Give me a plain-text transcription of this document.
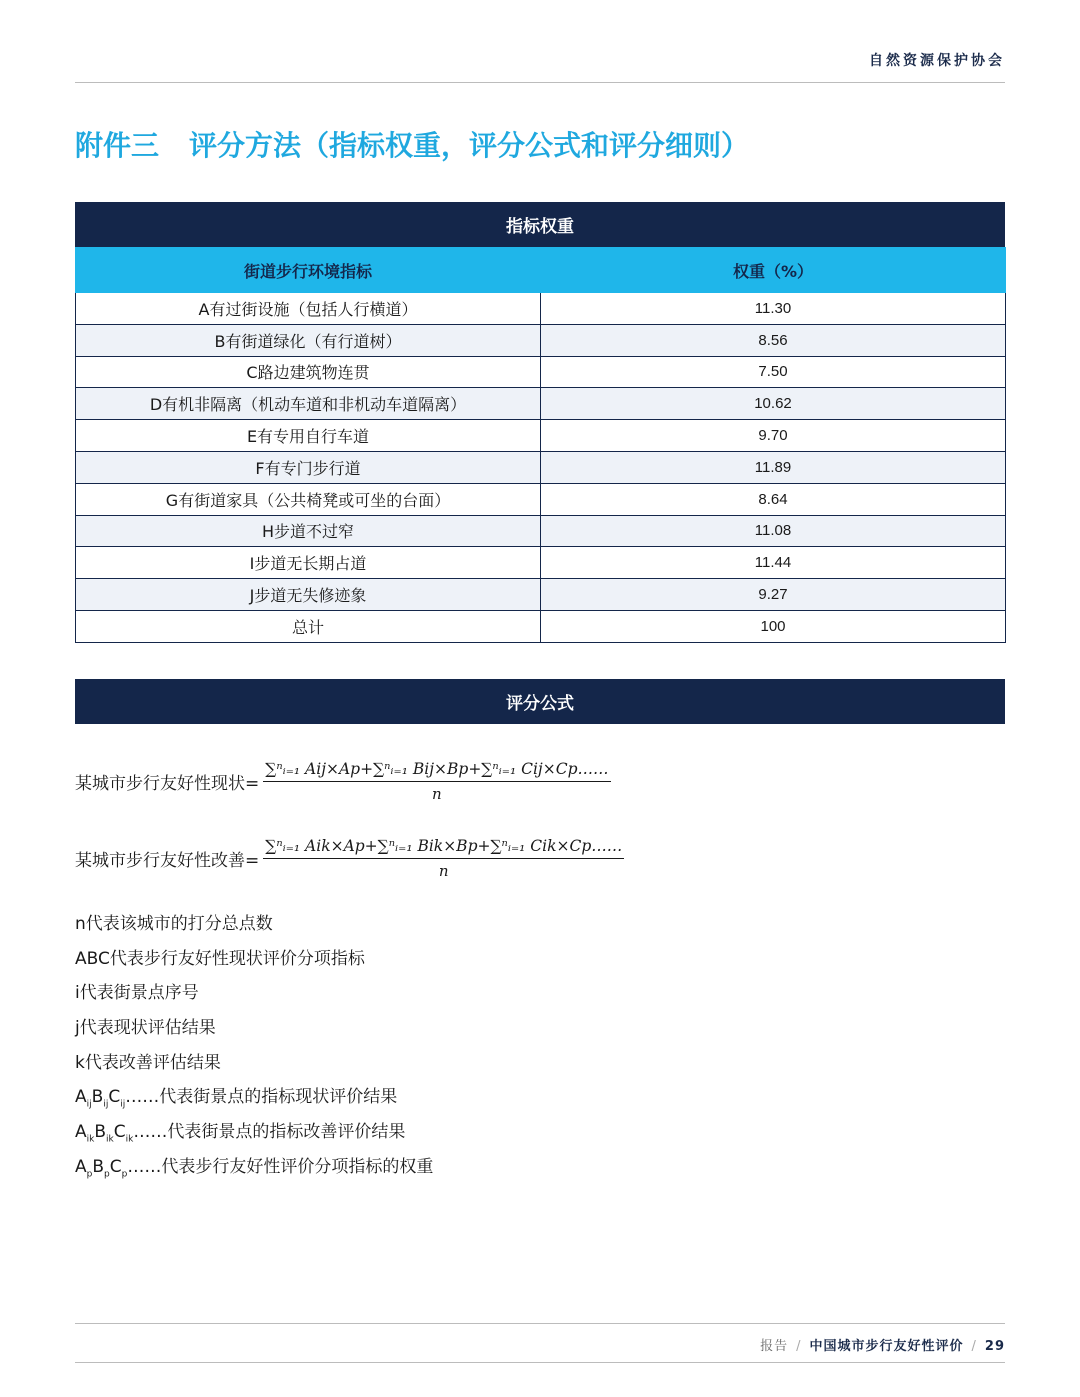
自然资源保护协会
附件三 评分方法（指标权重，评分公式和评分细则）
指标权重
街道步行环境指标	权重（%）
A有过街设施（包括人行横道）	11.30
B有街道绿化（有行道树）	8.56
C路边建筑物连贯	7.50
D有机非隔离（机动车道和非机动车道隔离）	10.62
E有专用自行车道	9.70
F有专门步行道	11.89
G有街道家具（公共椅凳或可坐的台面）	8.64
H步道不过窄	11.08
I步道无长期占道	11.44
J步道无失修迹象	9.27
总计	100
评分公式
某城市步行友好性现状= $\frac{\text{∑ⁿᵢ₌₁ Aij×Ap+∑ⁿᵢ₌₁ Bij×Bp+∑ⁿᵢ₌₁ Cij×Cp……}}{n}$
某城市步行友好性改善= $\frac{\text{∑ⁿᵢ₌₁ Aik×Ap+∑ⁿᵢ₌₁ Bik×Bp+∑ⁿᵢ₌₁ Cik×Cp……}}{n}$
n代表该城市的打分总点数
ABC代表步行友好性现状评价分项指标
i代表街景点序号
j代表现状评估结果
k代表改善评估结果
$A_{ij}B_{ij}C_{ij}\dots\dots$代表街景点的指标现状评价结果
$A_{ik}B_{ik}C_{ik}\dots\dots$代表街景点的指标改善评价结果
$A_pB_pC_p\dots\dots$代表步行友好性评价分项指标的权重
报告 / 中国城市步行友好性评价 / 29
